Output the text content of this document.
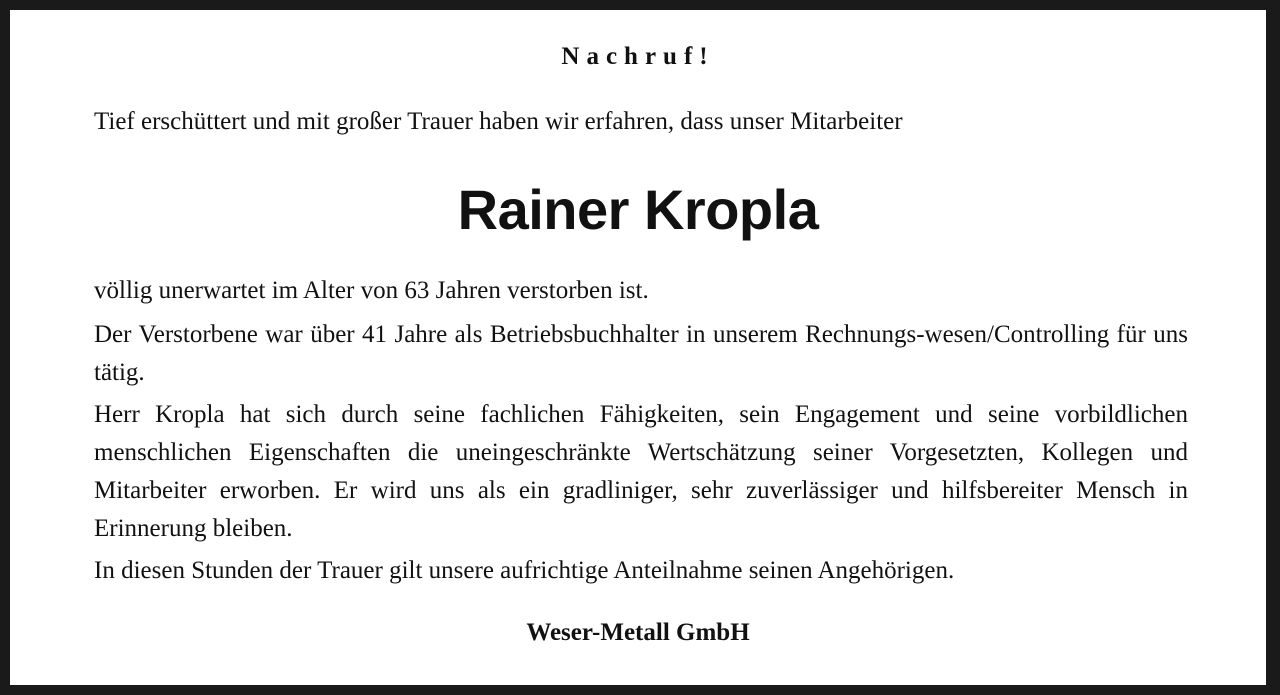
Nachruf!
Tief erschüttert und mit großer Trauer haben wir erfahren, dass unser Mitarbeiter
Rainer Kropla
völlig unerwartet im Alter von 63 Jahren verstorben ist.
Der Verstorbene war über 41 Jahre als Betriebsbuchhalter in unserem Rechnungs-wesen/Controlling für uns tätig.
Herr Kropla hat sich durch seine fachlichen Fähigkeiten, sein Engagement und seine vorbildlichen menschlichen Eigenschaften die uneingeschränkte Wertschätzung seiner Vorgesetzten, Kollegen und Mitarbeiter erworben. Er wird uns als ein gradliniger, sehr zuverlässiger und hilfsbereiter Mensch in Erinnerung bleiben.
In diesen Stunden der Trauer gilt unsere aufrichtige Anteilnahme seinen Angehörigen.
Weser-Metall GmbH
